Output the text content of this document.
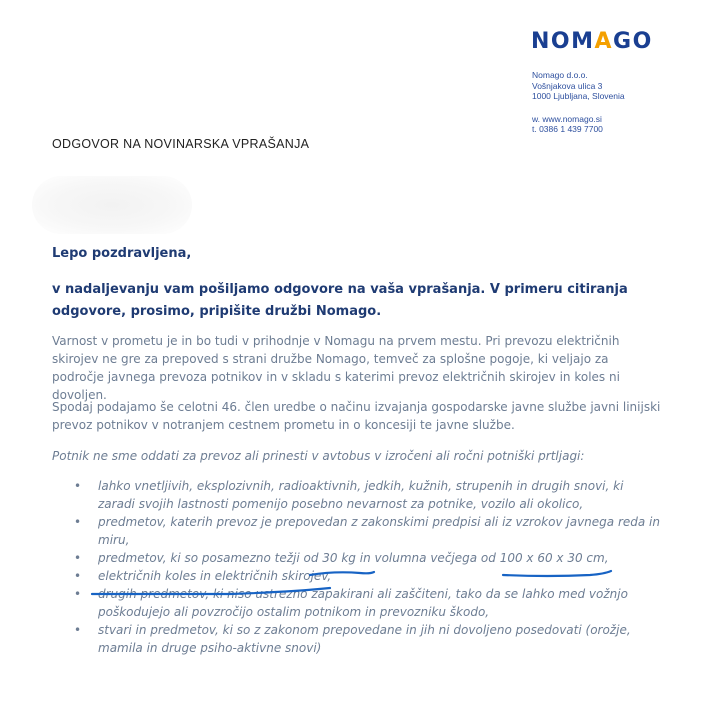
NOMAGO
Nomago d.o.o.
Vošnjakova ulica 3
1000 Ljubljana, Slovenia
w. www.nomago.si
t. 0386 1 439 7700
ODGOVOR NA NOVINARSKA VPRAŠANJA
Lepo pozdravljena,
v nadaljevanju vam pošiljamo odgovore na vaša vprašanja. V primeru citiranja odgovore, prosimo, pripišite družbi Nomago.
Varnost v prometu je in bo tudi v prihodnje v Nomagu na prvem mestu. Pri prevozu električnih skirojev ne gre za prepoved s strani družbe Nomago, temveč za splošne pogoje, ki veljajo za področje javnega prevoza potnikov in v skladu s katerimi prevoz električnih skirojev in koles ni dovoljen.
Spodaj podajamo še celotni 46. člen uredbe o načinu izvajanja gospodarske javne službe javni linijski prevoz potnikov v notranjem cestnem prometu in o koncesiji te javne službe.
Potnik ne sme oddati za prevoz ali prinesti v avtobus v izročeni ali ročni potniški prtljagi:
• lahko vnetljivih, eksplozivnih, radioaktivnih, jedkih, kužnih, strupenih in drugih snovi, ki zaradi svojih lastnosti pomenijo posebno nevarnost za potnike, vozilo ali okolico,
• predmetov, katerih prevoz je prepovedan z zakonskimi predpisi ali iz vzrokov javnega reda in miru,
• predmetov, ki so posamezno težji od 30 kg in volumna večjega od 100 x 60 x 30 cm,
• električnih koles in električnih skirojev,
• drugih predmetov, ki niso ustrezno zapakirani ali zaščiteni, tako da se lahko med vožnjo poškodujejo ali povzročijo ostalim potnikom in prevozniku škodo,
• stvari in predmetov, ki so z zakonom prepovedane in jih ni dovoljeno posedovati (orožje, mamila in druge psiho-aktivne snovi)
